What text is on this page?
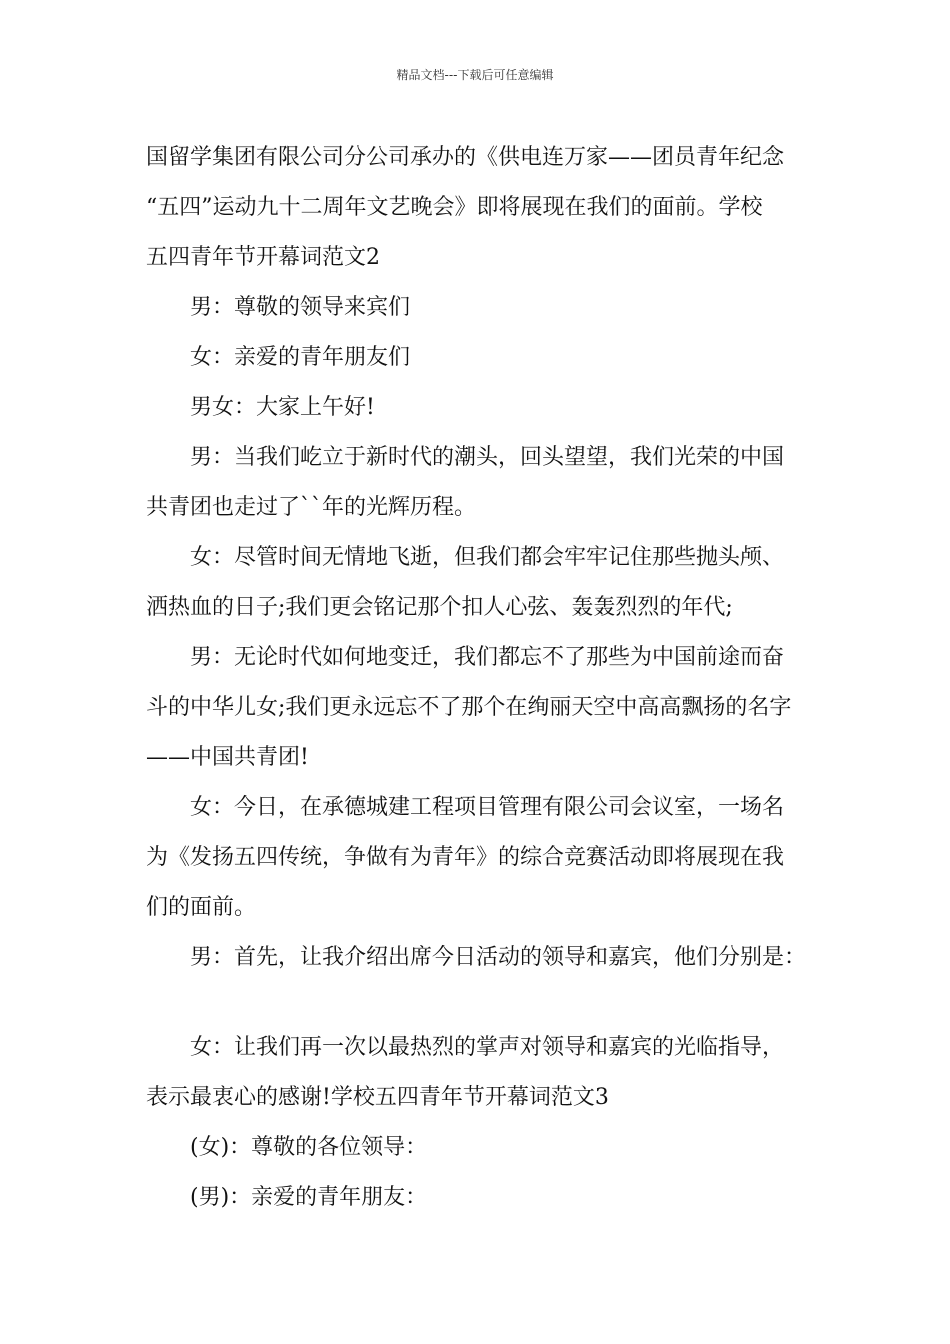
精品文档---下载后可任意编辑

国留学集团有限公司分公司承办的《供电连万家——团员青年纪念

“五四”运动九十二周年文艺晚会》即将展现在我们的面前。学校

五四青年节开幕词范文2

男：尊敬的领导来宾们

女：亲爱的青年朋友们

男女：大家上午好!

男：当我们屹立于新时代的潮头，回头望望，我们光荣的中国

共青团也走过了``年的光辉历程。

女：尽管时间无情地飞逝，但我们都会牢牢记住那些抛头颅、

洒热血的日子;我们更会铭记那个扣人心弦、轰轰烈烈的年代;

男：无论时代如何地变迁，我们都忘不了那些为中国前途而奋

斗的中华儿女;我们更永远忘不了那个在绚丽天空中高高飘扬的名字

——中国共青团!

女：今日，在承德城建工程项目管理有限公司会议室，一场名

为《发扬五四传统，争做有为青年》的综合竞赛活动即将展现在我

们的面前。

男：首先，让我介绍出席今日活动的领导和嘉宾，他们分别是：

女：让我们再一次以最热烈的掌声对领导和嘉宾的光临指导，

表示最衷心的感谢!学校五四青年节开幕词范文3

(女)：尊敬的各位领导：

(男)：亲爱的青年朋友：
